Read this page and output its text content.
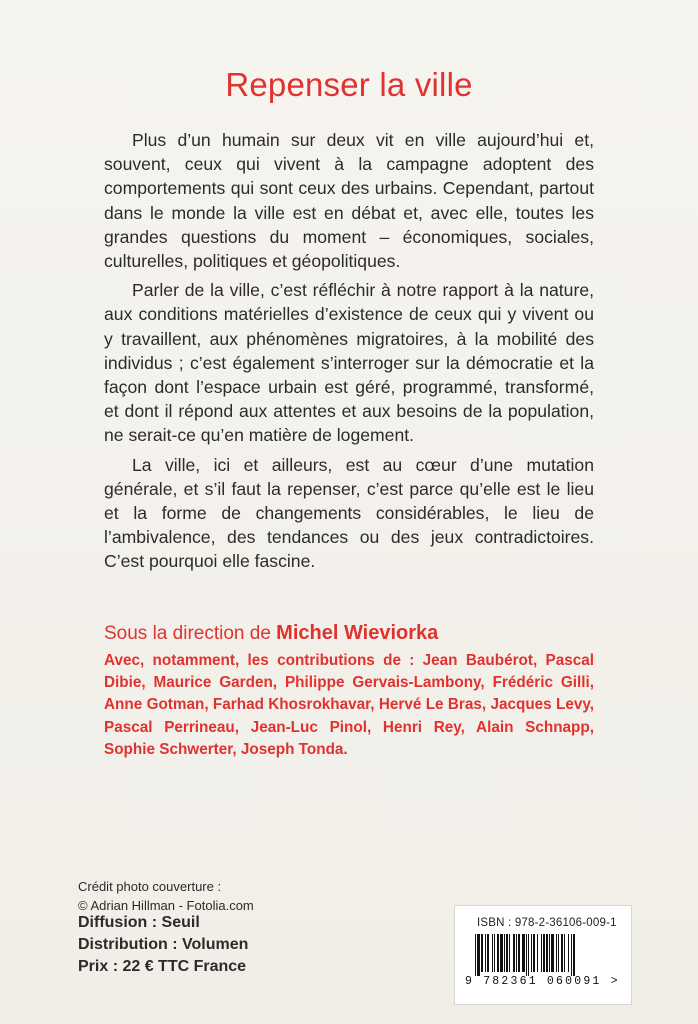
Repenser la ville

Plus d’un humain sur deux vit en ville aujourd’hui et, souvent, ceux qui vivent à la campagne adoptent des comportements qui sont ceux des urbains. Cependant, partout dans le monde la ville est en débat et, avec elle, toutes les grandes questions du moment – économiques, sociales, culturelles, politiques et géopolitiques.

Parler de la ville, c’est réfléchir à notre rapport à la nature, aux conditions matérielles d’existence de ceux qui y vivent ou y travaillent, aux phénomènes migratoires, à la mobilité des individus ; c’est également s’interroger sur la démocratie et la façon dont l’espace urbain est géré, programmé, transformé, et dont il répond aux attentes et aux besoins de la population, ne serait-ce qu’en matière de logement.

La ville, ici et ailleurs, est au cœur d’une mutation générale, et s’il faut la repenser, c’est parce qu’elle est le lieu et la forme de changements considérables, le lieu de l’ambivalence, des tendances ou des jeux contradictoires. C’est pourquoi elle fascine.

Sous la direction de Michel Wieviorka
Avec, notamment, les contributions de : Jean Baubérot, Pascal Dibie, Maurice Garden, Philippe Gervais-Lambony, Frédéric Gilli, Anne Gotman, Farhad Khosrokhavar, Hervé Le Bras, Jacques Levy, Pascal Perrineau, Jean-Luc Pinol, Henri Rey, Alain Schnapp, Sophie Schwerter, Joseph Tonda.
Crédit photo couverture :
© Adrian Hillman - Fotolia.com
Diffusion : Seuil
Distribution : Volumen
Prix : 22 € TTC France
ISBN : 978-2-36106-009-1
9 782361 060091 >
